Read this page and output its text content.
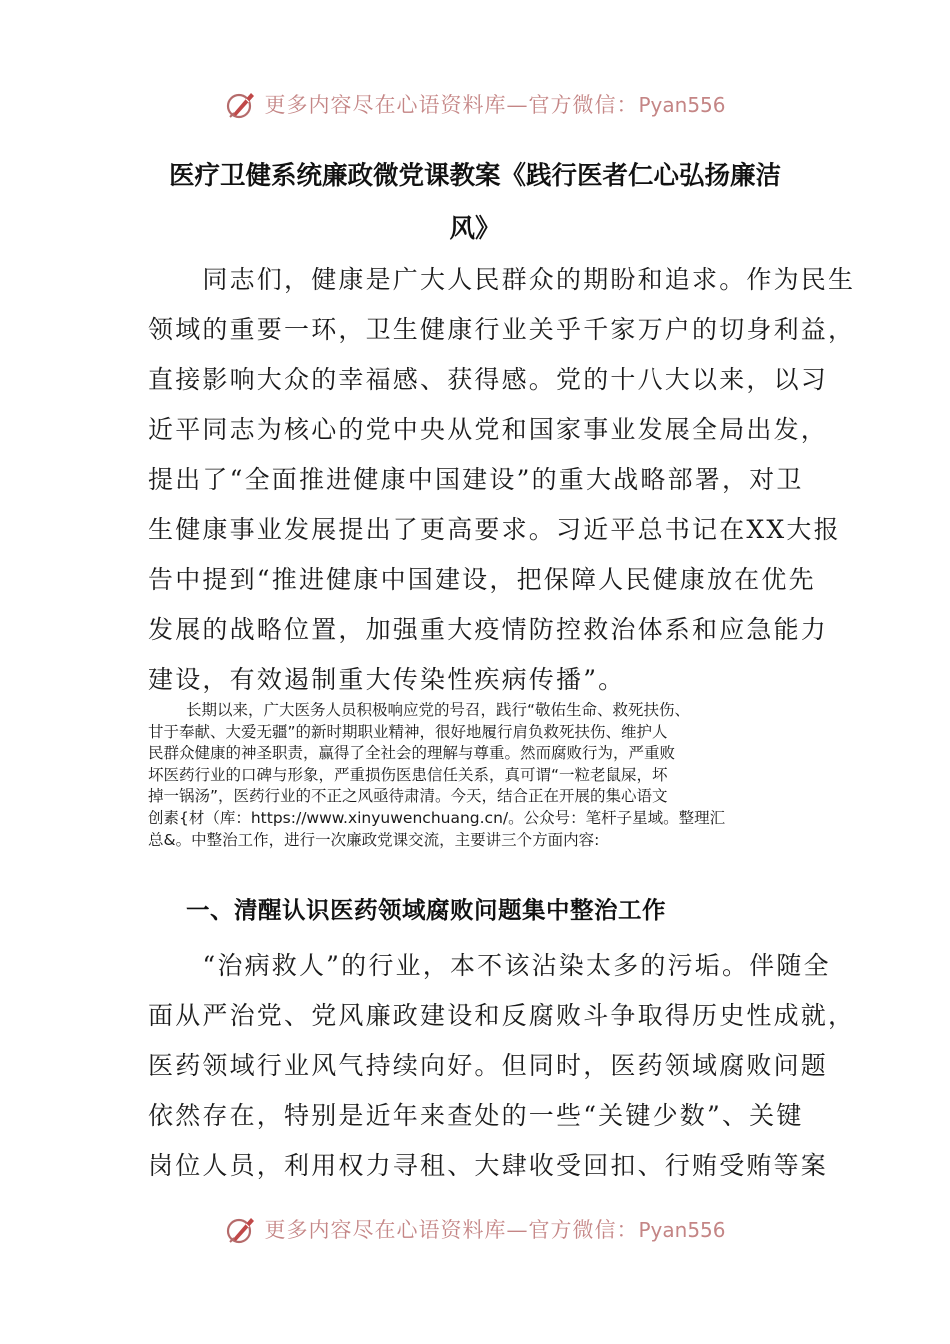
更多内容尽在心语资料库—官方微信：Pyan556
医疗卫健系统廉政微党课教案《践行医者仁心弘扬廉洁
风》
　　同志们，健康是广大人民群众的期盼和追求。作为民生
领域的重要一环，卫生健康行业关乎千家万户的切身利益，
直接影响大众的幸福感、获得感。党的十八大以来，以习
近平同志为核心的党中央从党和国家事业发展全局出发，
提出了“全面推进健康中国建设”的重大战略部署，对卫
生健康事业发展提出了更高要求。习近平总书记在XX大报
告中提到“推进健康中国建设，把保障人民健康放在优先
发展的战略位置，加强重大疫情防控救治体系和应急能力
建设，有效遏制重大传染性疾病传播”。
长期以来，广大医务人员积极响应党的号召，践行“敬佑生命、救死扶伤、
甘于奉献、大爱无疆”的新时期职业精神，很好地履行肩负救死扶伤、维护人
民群众健康的神圣职责，赢得了全社会的理解与尊重。然而腐败行为，严重败
坏医药行业的口碑与形象，严重损伤医患信任关系，真可谓“一粒老鼠屎，坏
掉一锅汤”，医药行业的不正之风亟待肃清。今天，结合正在开展的集心语文
创素{材（库：https://www.xinyuwenchuang.cn/。公众号：笔杆子星域。整理汇
总&。中整治工作，进行一次廉政党课交流，主要讲三个方面内容:
一、清醒认识医药领域腐败问题集中整治工作
　　“治病救人”的行业，本不该沾染太多的污垢。伴随全
面从严治党、党风廉政建设和反腐败斗争取得历史性成就，
医药领域行业风气持续向好。但同时，医药领域腐败问题
依然存在，特别是近年来查处的一些“关键少数”、关键
岗位人员，利用权力寻租、大肆收受回扣、行贿受贿等案
更多内容尽在心语资料库—官方微信：Pyan556
